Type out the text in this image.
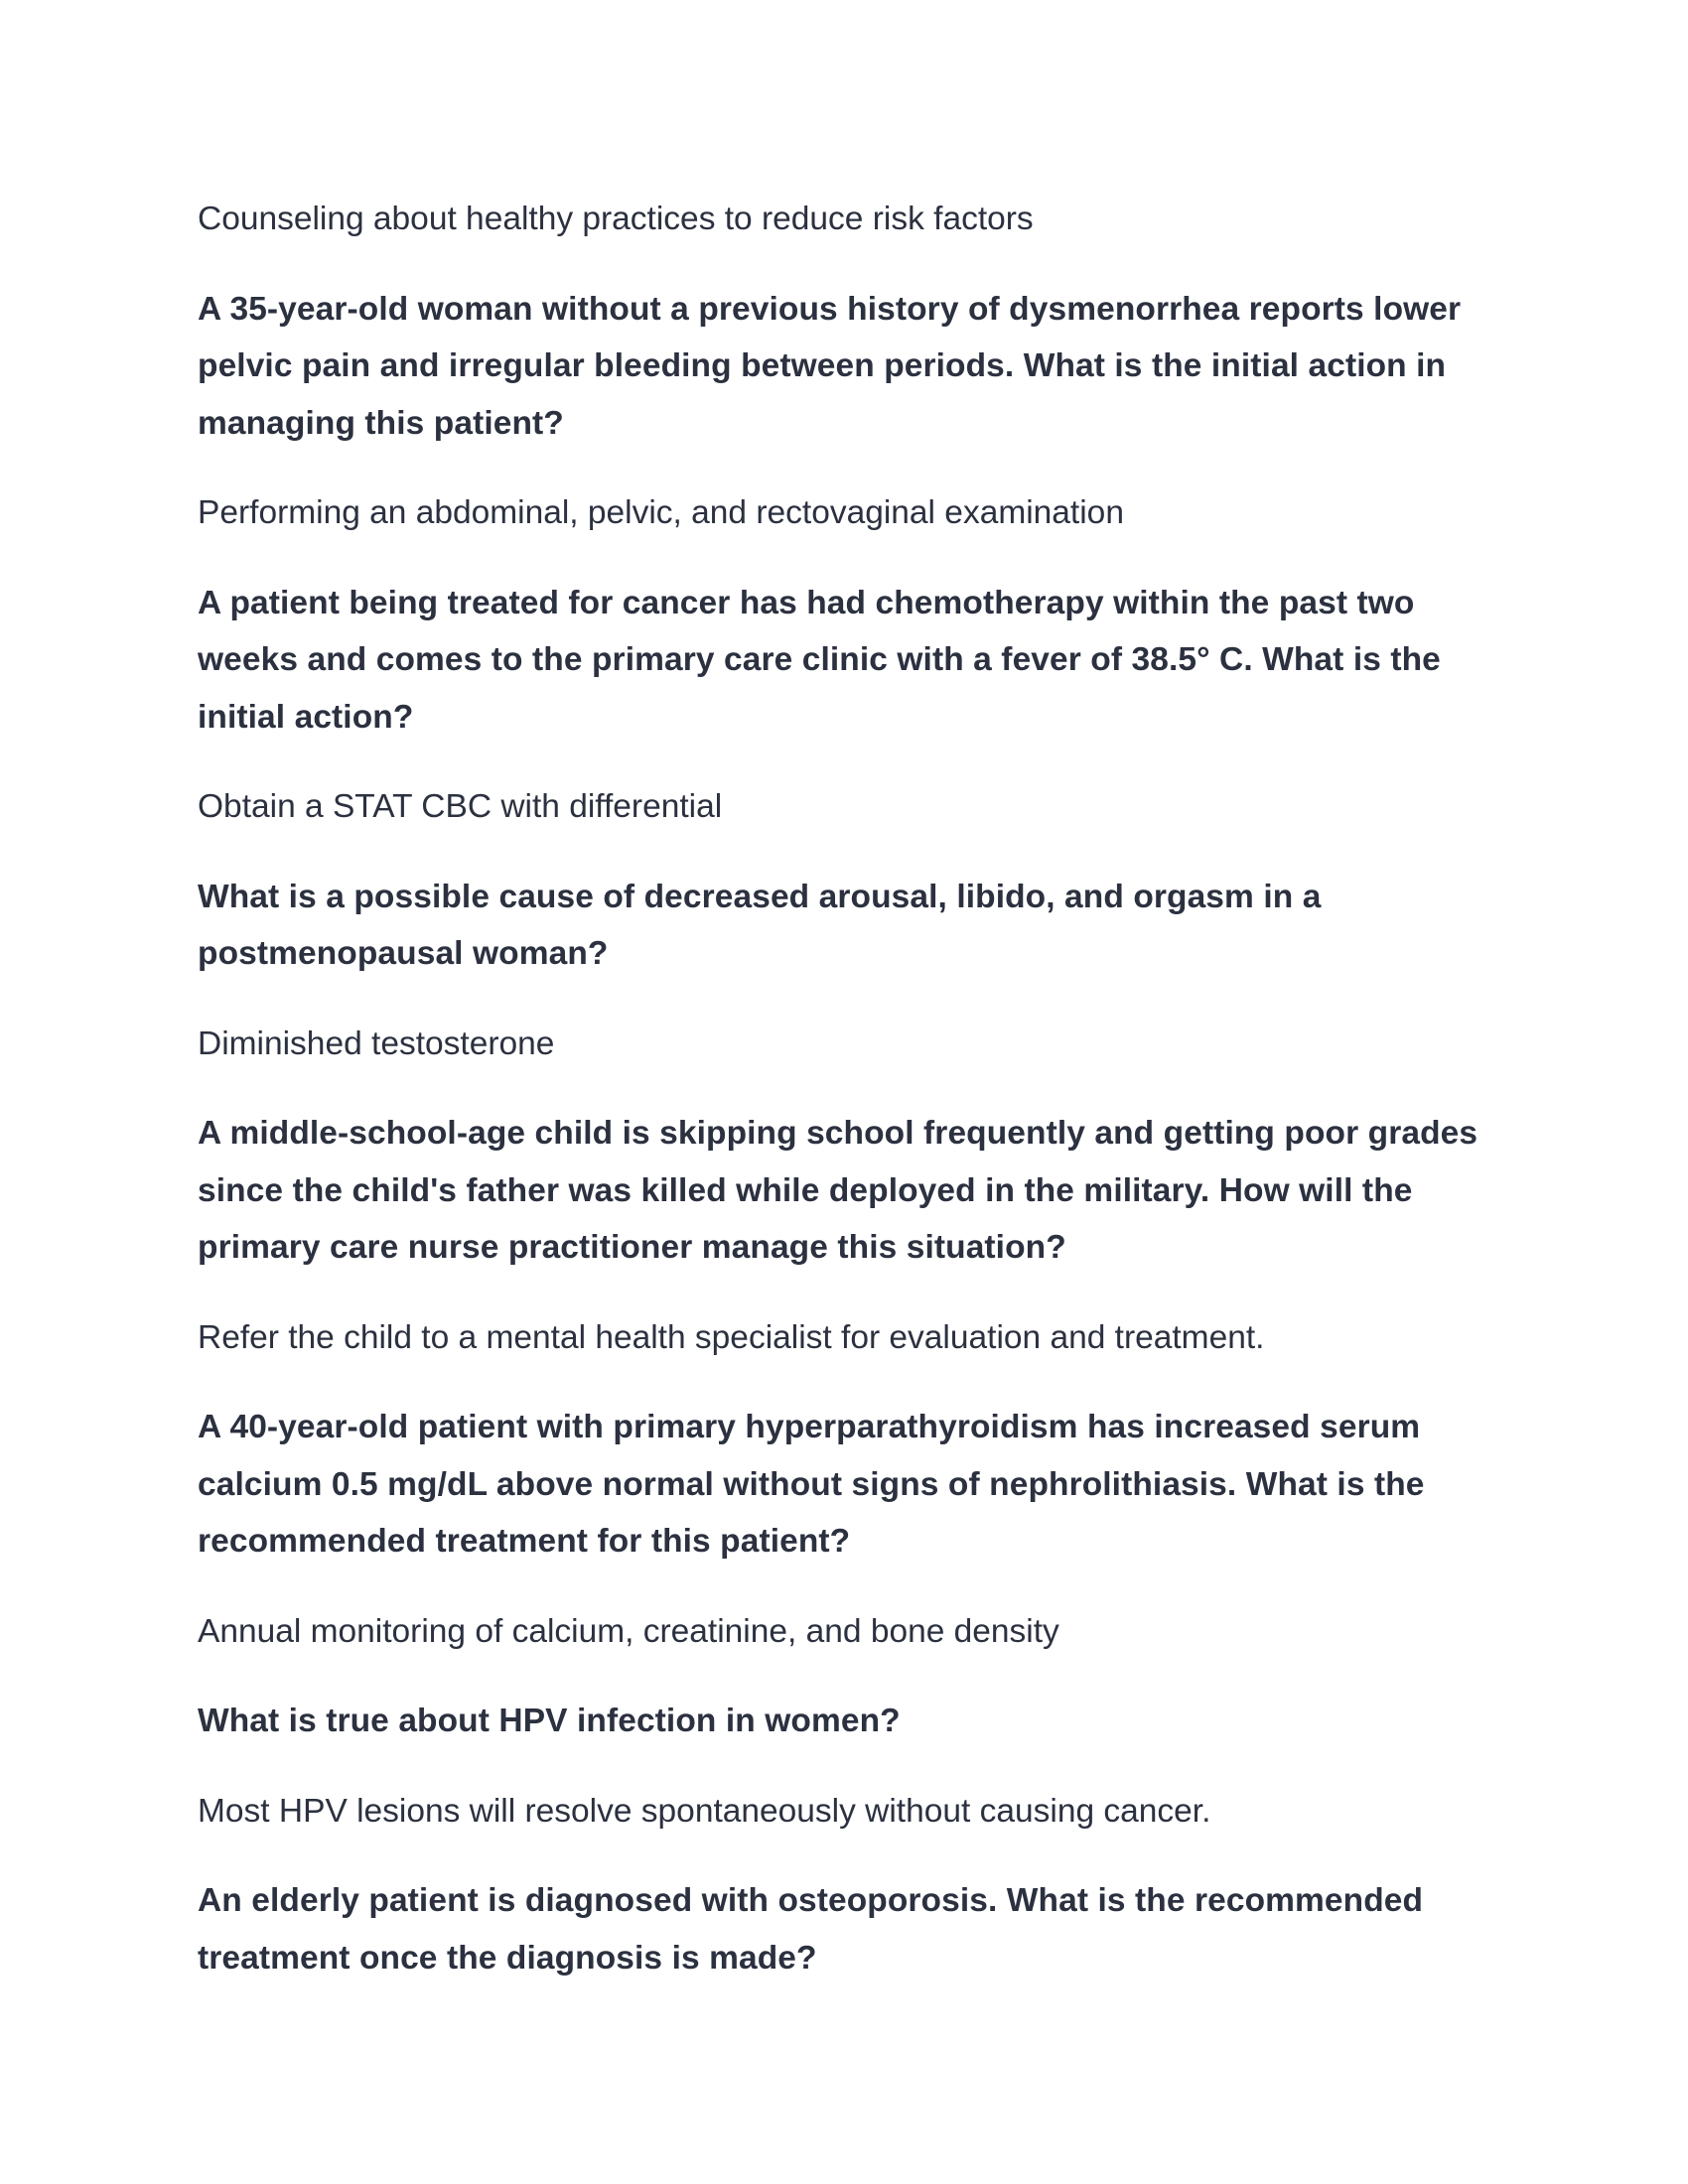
Counseling about healthy practices to reduce risk factors

A 35-year-old woman without a previous history of dysmenorrhea reports lower pelvic pain and irregular bleeding between periods. What is the initial action in managing this patient?

Performing an abdominal, pelvic, and rectovaginal examination

A patient being treated for cancer has had chemotherapy within the past two weeks and comes to the primary care clinic with a fever of 38.5° C. What is the initial action?

Obtain a STAT CBC with differential

What is a possible cause of decreased arousal, libido, and orgasm in a postmenopausal woman?

Diminished testosterone

A middle-school-age child is skipping school frequently and getting poor grades since the child's father was killed while deployed in the military. How will the primary care nurse practitioner manage this situation?

Refer the child to a mental health specialist for evaluation and treatment.

A 40-year-old patient with primary hyperparathyroidism has increased serum calcium 0.5 mg/dL above normal without signs of nephrolithiasis. What is the recommended treatment for this patient?

Annual monitoring of calcium, creatinine, and bone density

What is true about HPV infection in women?

Most HPV lesions will resolve spontaneously without causing cancer.

An elderly patient is diagnosed with osteoporosis. What is the recommended treatment once the diagnosis is made?
